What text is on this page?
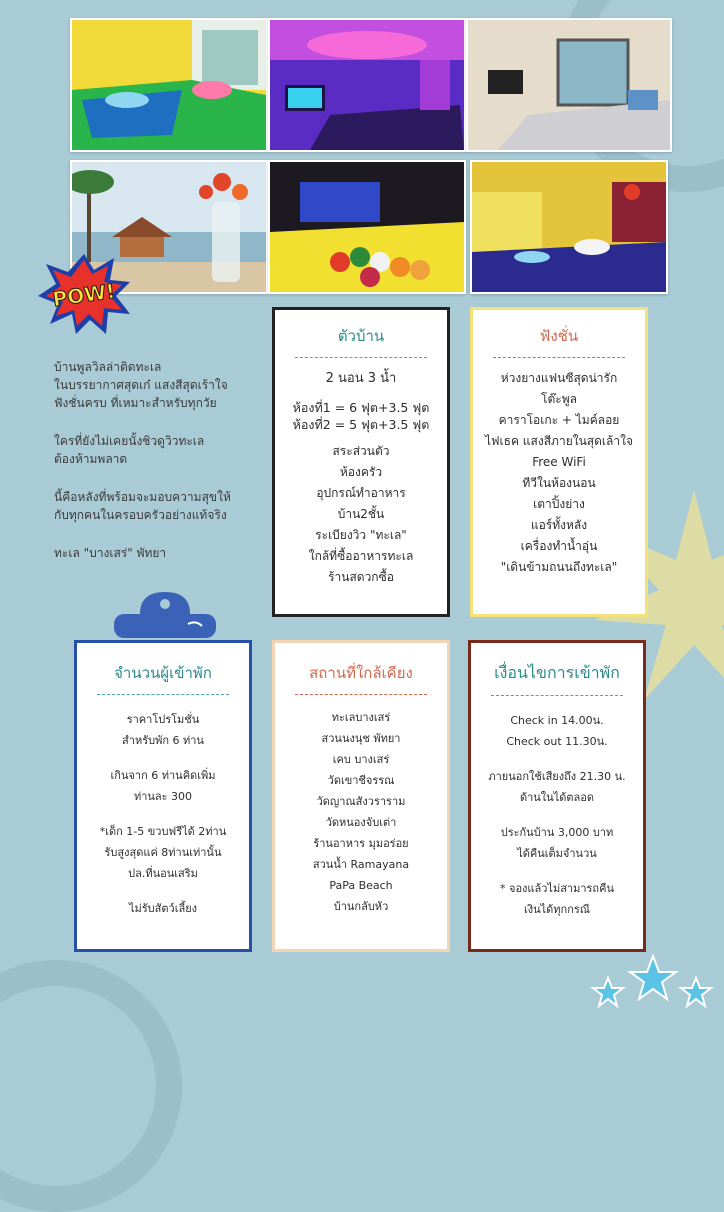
POW!

บ้านพูลวิลล่าติดทะเล
ในบรรยากาศสุดเก๋ แสงสีสุดเร้าใจ
ฟังชั่นครบ ที่เหมาะสำหรับทุกวัย

ใครที่ยังไม่เคยนั้งชิวดูวิวทะเล
ต้องห้ามพลาด

นี้คือหลังที่พร้อมจะมอบความสุขให้
กับทุกคนในครอบครัวอย่างแท้จริง

ทะเล "บางเสร่" พัทยา

ตัวบ้าน
2 นอน 3 น้ำ
ห้องที่1 = 6 ฟุต+3.5 ฟุต
ห้องที่2 = 5 ฟุต+3.5 ฟุต
สระส่วนตัว
ห้องครัว
อุปกรณ์ทำอาหาร
บ้าน2ชั้น
ระเบียงวิว "ทะเล"
ใกล้ที่ซื้ออาหารทะเล
ร้านสดวกซื้อ
ฟังชั่น
ห่วงยางแฟนซีสุดน่ารัก
โต๊ะพูล
คาราโอเกะ + ไมค์ลอย
ไฟเธค แสงสีภายในสุดเล้าใจ
Free WiFi
ทีวีในห้องนอน
เตาปิ้งย่าง
แอร์ทั้งหลัง
เครื่องทำน้ำอุ่น
"เดินข้ามถนนถึงทะเล"
จำนวนผู้เข้าพัก
ราคาโปรโมชั่น
สำหรับพัก 6 ท่าน
เกินจาก 6 ท่านคิดเพิ่ม
ท่านละ 300
*เด็ก 1-5 ขวบฟรีได้ 2ท่าน
รับสูงสุดแค่ 8ท่านเท่านั้น
ปล.ที่นอนเสริม
ไม่รับสัตว์เลี้ยง
สถานที่ใกล้เคียง
ทะเลบางเสร่
สวนนงนุช พัทยา
เคบ บางเสร่
วัดเขาชีจรรณ
วัดญาณสังวราราม
วัดหนองจับเต่า
ร้านอาหาร มุมอร่อย
สวนน้ำ Ramayana
PaPa Beach
บ้านกลับหัว
เงื่อนไขการเข้าพัก
Check in 14.00น.
Check out 11.30น.
ภายนอกใช้เสียงถึง 21.30 น.
ด้านในได้ตลอด
ประกันบ้าน 3,000 บาท
ได้คืนเต็มจำนวน
* จองแล้วไม่สามารถคืน
เงินได้ทุกกรณี
